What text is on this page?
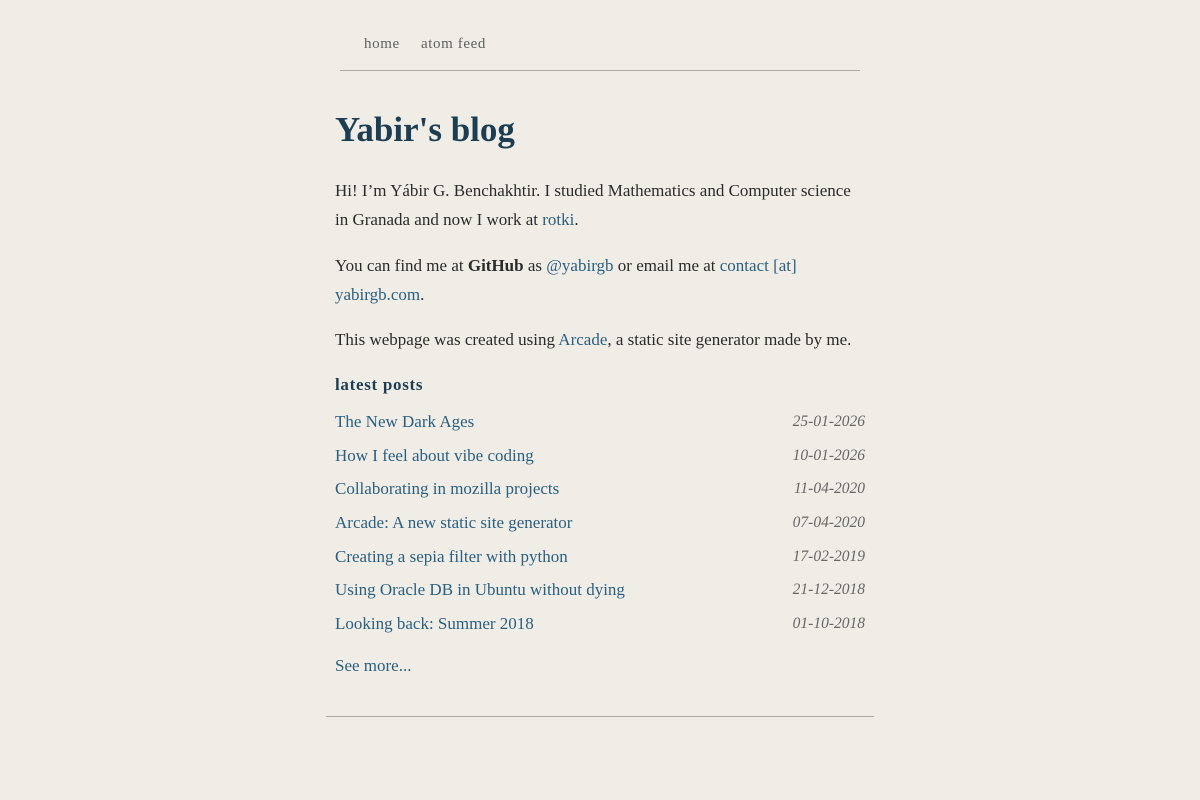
home atom feed
Yabir's blog

Hi! I’m Yábir G. Benchakhtir. I studied Mathematics and Computer science in Granada and now I work at rotki.

You can find me at GitHub as @yabirgb or email me at contact [at] yabirgb.com.

This webpage was created using Arcade, a static site generator made by me.

latest posts
The New Dark Ages	25-01-2026
How I feel about vibe coding	10-01-2026
Collaborating in mozilla projects	11-04-2020
Arcade: A new static site generator	07-04-2020
Creating a sepia filter with python	17-02-2019
Using Oracle DB in Ubuntu without dying	21-12-2018
Looking back: Summer 2018	01-10-2018
See more...
